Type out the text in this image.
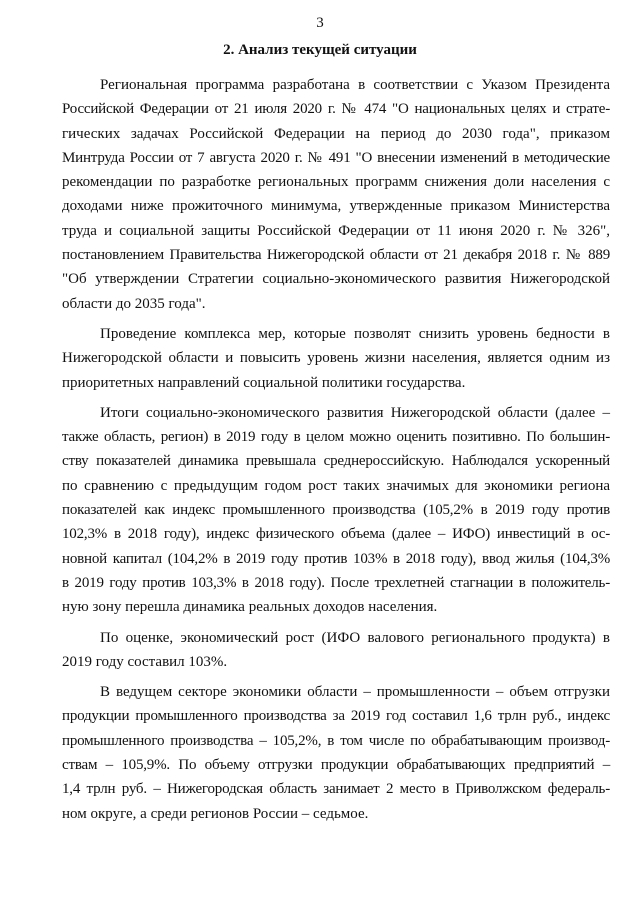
3
2. Анализ текущей ситуации
Региональная программа разработана в соответствии с Указом Президента
Российской Федерации от 21 июля 2020 г. № 474 "О национальных целях и страте-
гических задачах Российской Федерации на период до 2030 года", приказом
Минтруда России от 7 августа 2020 г. № 491 "О внесении изменений в методические
рекомендации по разработке региональных программ снижения доли населения с
доходами ниже прожиточного минимума, утвержденные приказом Министерства
труда и социальной защиты Российской Федерации от 11 июня 2020 г. № 326",
постановлением Правительства Нижегородской области от 21 декабря 2018 г. № 889
"Об утверждении Стратегии социально-экономического развития Нижегородской
области до 2035 года".
Проведение комплекса мер, которые позволят снизить уровень бедности в
Нижегородской области и повысить уровень жизни населения, является одним из
приоритетных направлений социальной политики государства.
Итоги социально-экономического развития Нижегородской области (далее –
также область, регион) в 2019 году в целом можно оценить позитивно. По большин-
ству показателей динамика превышала среднероссийскую. Наблюдался ускоренный
по сравнению с предыдущим годом рост таких значимых для экономики региона
показателей как индекс промышленного производства (105,2% в 2019 году против
102,3% в 2018 году), индекс физического объема (далее – ИФО) инвестиций в ос-
новной капитал (104,2% в 2019 году против 103% в 2018 году), ввод жилья (104,3%
в 2019 году против 103,3% в 2018 году). После трехлетней стагнации в положитель-
ную зону перешла динамика реальных доходов населения.
По оценке, экономический рост (ИФО валового регионального продукта) в
2019 году составил 103%.
В ведущем секторе экономики области – промышленности – объем отгрузки
продукции промышленного производства за 2019 год составил 1,6 трлн руб., индекс
промышленного производства – 105,2%, в том числе по обрабатывающим производ-
ствам – 105,9%. По объему отгрузки продукции обрабатывающих предприятий –
1,4 трлн руб. – Нижегородская область занимает 2 место в Приволжском федераль-
ном округе, а среди регионов России – седьмое.
